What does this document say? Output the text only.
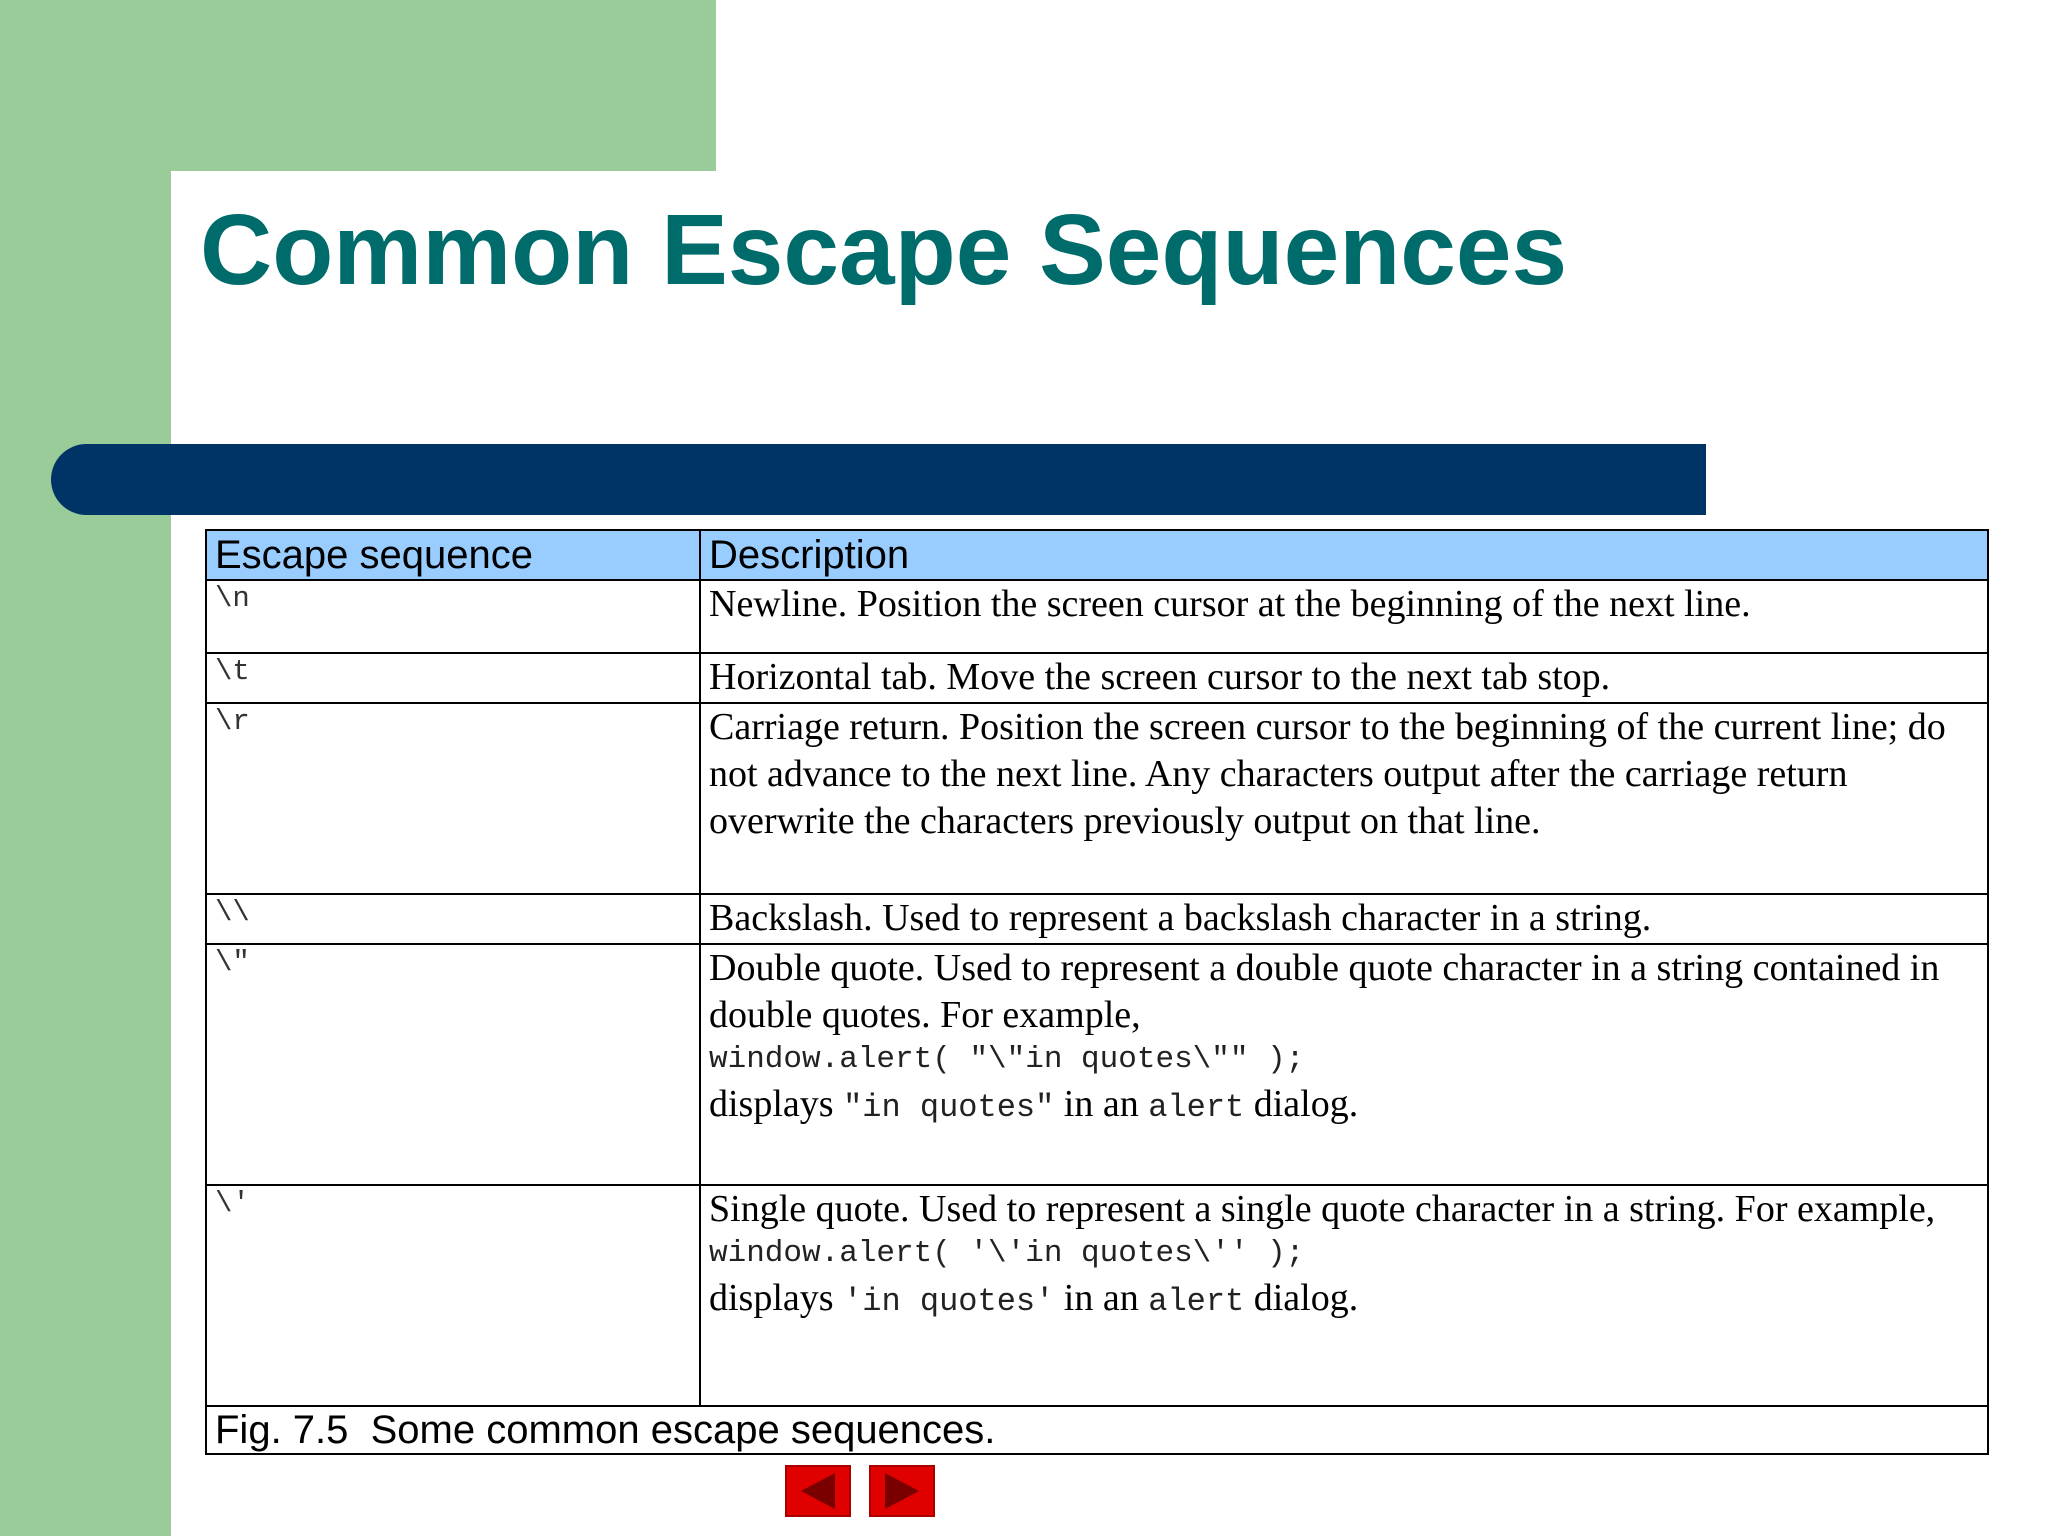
Common Escape Sequences
Escape sequence	Description
\n	Newline. Position the screen cursor at the beginning of the next line.
\t	Horizontal tab. Move the screen cursor to the next tab stop.
\r	Carriage return. Position the screen cursor to the beginning of the current line; do not advance to the next line. Any characters output after the carriage return overwrite the characters previously output on that line.
\\	Backslash. Used to represent a backslash character in a string.
\"	Double quote. Used to represent a double quote character in a string contained in double quotes. For example,

window.alert( "\"in quotes\"" );

displays "in quotes" in an alert dialog.

\'	Single quote. Used to represent a single quote character in a string. For example,

window.alert( '\'in quotes\'' );

displays 'in quotes' in an alert dialog.

Fig. 7.5  Some common escape sequences.	
